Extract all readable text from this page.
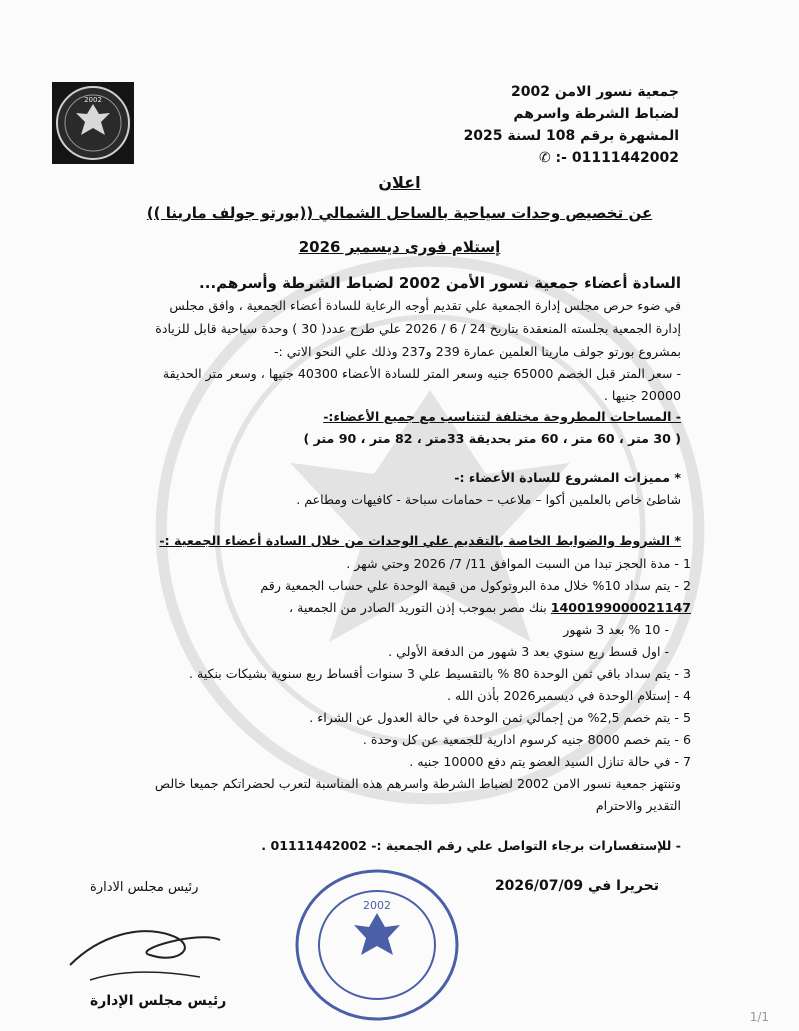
2002	جمعية نسور الامن 2002
لضباط الشرطة واسرهم
المشهرة برقم 108 لسنة 2025
01111442002 -: ✆
اعلان
عن تخصيص وحدات سياحية بالساحل الشمالي ((بورتو جولف مارينا ))
إستلام فورى ديسمبر 2026
السادة أعضاء جمعية نسور الأمن 2002 لضباط الشرطة وأسرهم...
في ضوء حرص مجلس إدارة الجمعية علي تقديم أوجه الرعاية للسادة أعضاء الجمعية ، وافق مجلس
إدارة الجمعية بجلسته المنعقدة بتاريخ 24 / 6 / 2026 علي طرح عدد( 30 ) وحدة سياحية قابل للزيادة
بمشروع بورتو جولف مارينا العلمين عمارة 239 و237 وذلك علي النحو الاتي :-
- سعر المتر قبل الخصم 65000 جنيه وسعر المتر للسادة الأعضاء 40300 جنيها ، وسعر متر الحديقة
20000 جنيها .
- المساحات المطروحة مختلفة لتتناسب مع جميع الأعضاء:-
( 30 متر ، 60 متر ، 60 متر بحديقة 33متر ، 82 متر ، 90 متر )
* مميزات المشروع للسادة الأعضاء :-
شاطئ خاص بالعلمين أكوا – ملاعب – حمامات سباحة - كافيهات ومطاعم .
* الشروط والضوابط الخاصة بالتقديم علي الوحدات من خلال السادة أعضاء الجمعية :-
1 - مدة الحجز تبدا من السبت الموافق 11/ 7/ 2026 وحتي شهر .
2 - يتم سداد 10% خلال مدة البروتوكول من قيمة الوحدة علي حساب الجمعية رقم
1400199000021147 بنك مصر بموجب إذن التوريد الصادر من الجمعية ،
- 10 % بعد 3 شهور
- اول قسط ربع سنوي بعد 3 شهور من الدفعة الأولي .
3 - يتم سداد باقي ثمن الوحدة 80 % بالتقسيط علي 3 سنوات أقساط ربع سنوية بشيكات بنكية .
4 - إستلام الوحدة في ديسمبر2026 بأذن الله .
5 - يتم خصم 2,5% من إجمالي ثمن الوحدة في حالة العدول عن الشراء .
6 - يتم خصم 8000 جنيه كرسوم ادارية للجمعية عن كل وحدة .
7 - في حالة تنازل السيد العضو يتم دفع 10000 جنيه .
وتنتهز جمعية نسور الامن 2002 لضباط الشرطة واسرهم هذه المناسبة لتعرب لحضراتكم جميعا خالص
التقدير والاحترام
- للإستفسارات برجاء التواصل علي رقم الجمعية :- 01111442002 .
تحريرا في 2026/07/09
رئيس مجلس الادارة
2002
رئيس مجلس الإدارة
1/1
